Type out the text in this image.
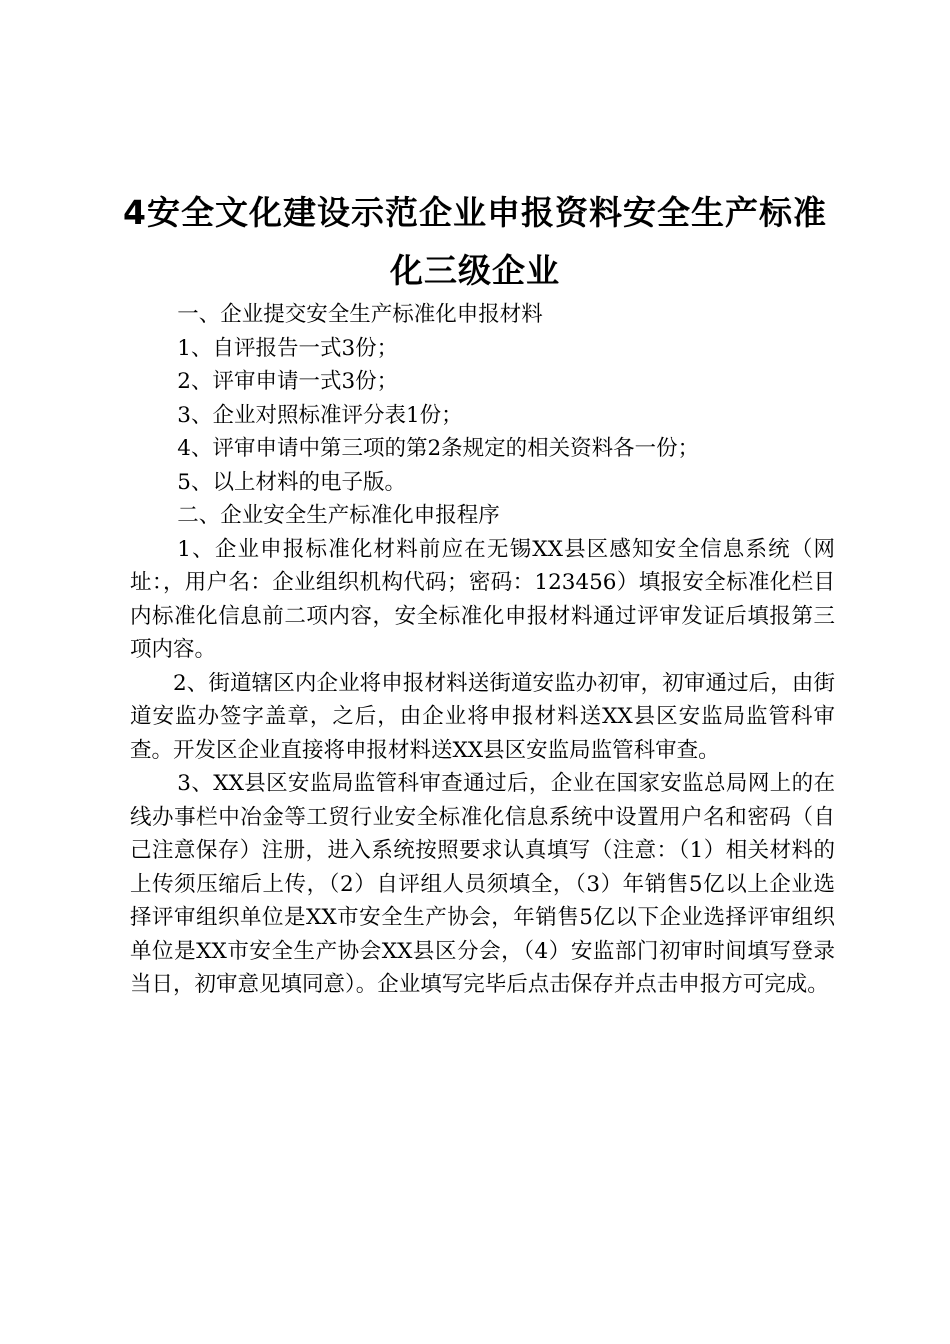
4安全文化建设示范企业申报资料安全生产标准化三级企业

一、企业提交安全生产标准化申报材料

1、自评报告一式3份；

2、评审申请一式3份；

3、企业对照标准评分表1份；

4、评审申请中第三项的第2条规定的相关资料各一份；

5、以上材料的电子版。

二、企业安全生产标准化申报程序

1、企业申报标准化材料前应在无锡XX县区感知安全信息系统（网址：，用户名：企业组织机构代码；密码：123456）填报安全标准化栏目内标准化信息前二项内容，安全标准化申报材料通过评审发证后填报第三项内容。

2、街道辖区内企业将申报材料送街道安监办初审，初审通过后，由街道安监办签字盖章，之后，由企业将申报材料送XX县区安监局监管科审查。开发区企业直接将申报材料送XX县区安监局监管科审查。

3、XX县区安监局监管科审查通过后，企业在国家安监总局网上的在线办事栏中冶金等工贸行业安全标准化信息系统中设置用户名和密码（自己注意保存）注册，进入系统按照要求认真填写（注意：（1）相关材料的上传须压缩后上传，（2）自评组人员须填全，（3）年销售5亿以上企业选择评审组织单位是XX市安全生产协会，年销售5亿以下企业选择评审组织单位是XX市安全生产协会XX县区分会，（4）安监部门初审时间填写登录当日，初审意见填同意）。企业填写完毕后点击保存并点击申报方可完成。
